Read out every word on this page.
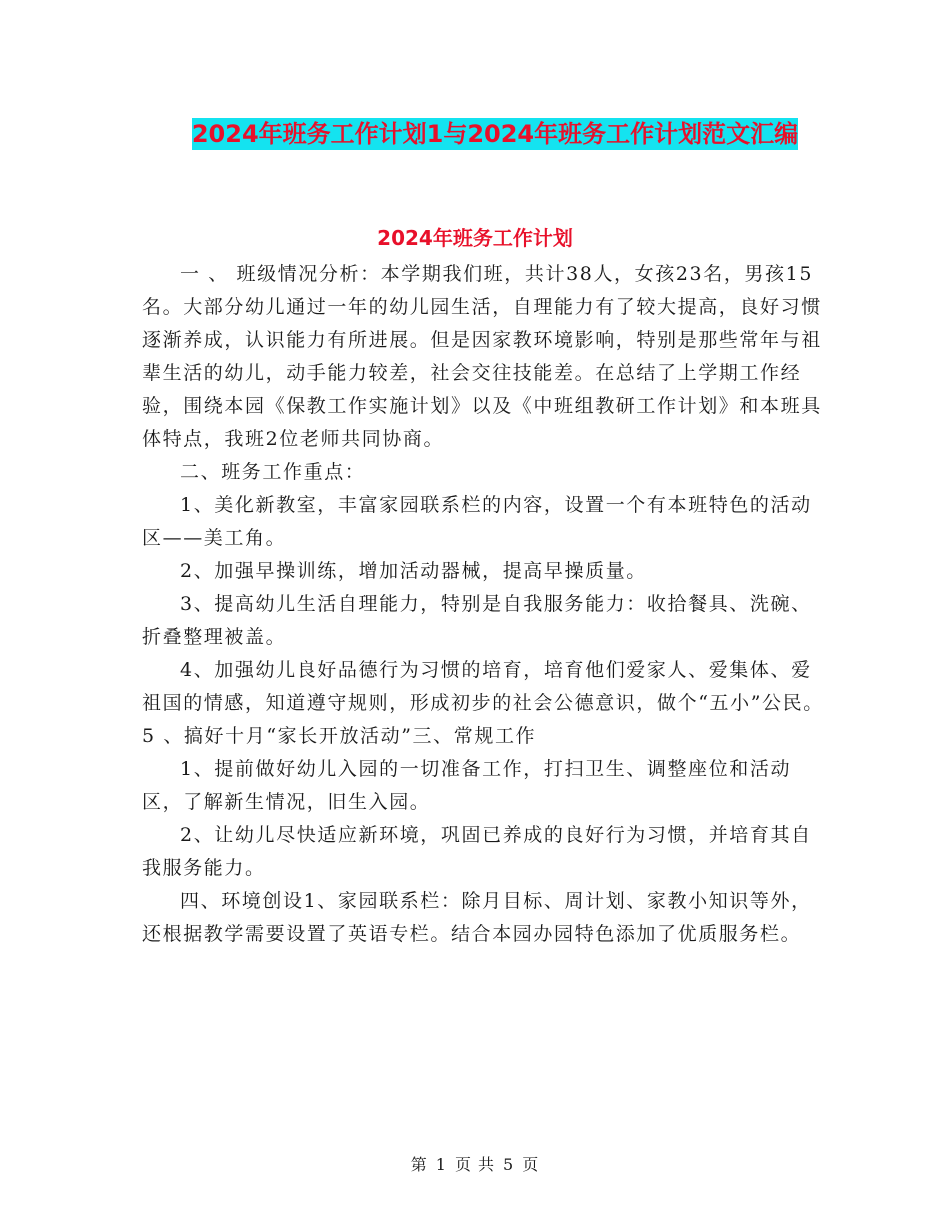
2024年班务工作计划1与2024年班务工作计划范文汇编
2024年班务工作计划

一 、 班级情况分析：本学期我们班，共计38人，女孩23名，男孩15名。大部分幼儿通过一年的幼儿园生活，自理能力有了较大提高，良好习惯逐渐养成，认识能力有所进展。但是因家教环境影响，特别是那些常年与祖辈生活的幼儿，动手能力较差，社会交往技能差。在总结了上学期工作经验，围绕本园《保教工作实施计划》以及《中班组教研工作计划》和本班具体特点，我班2位老师共同协商。

二、班务工作重点：

1、美化新教室，丰富家园联系栏的内容，设置一个有本班特色的活动区——美工角。

2、加强早操训练，增加活动器械，提高早操质量。

3、提高幼儿生活自理能力，特别是自我服务能力：收拾餐具、洗碗、折叠整理被盖。

4、加强幼儿良好品德行为习惯的培育，培育他们爱家人、爱集体、爱祖国的情感，知道遵守规则，形成初步的社会公德意识，做个“五小”公民。5 、搞好十月“家长开放活动”三、常规工作

1、提前做好幼儿入园的一切准备工作，打扫卫生、调整座位和活动区，了解新生情况，旧生入园。

2、让幼儿尽快适应新环境，巩固已养成的良好行为习惯，并培育其自我服务能力。

四、环境创设1、家园联系栏：除月目标、周计划、家教小知识等外，还根据教学需要设置了英语专栏。结合本园办园特色添加了优质服务栏。

第 1 页 共 5 页
